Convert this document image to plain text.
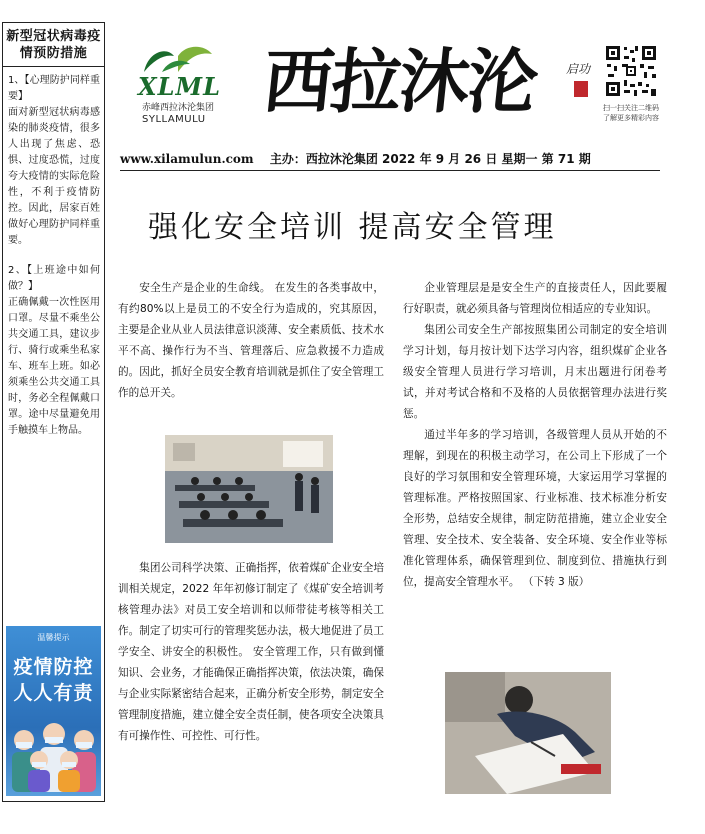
新型冠状病毒疫情预防措施
1、【心理防护同样重要】
面对新型冠状病毒感染的肺炎疫情，很多人出现了焦虑、恐惧、过度恐慌，过度夸大疫情的实际危险性，不利于疫情防控。因此，居家百姓做好心理防护同样重要。
2、【上班途中如何做？】
正确佩戴一次性医用口罩。尽量不乘坐公共交通工具，建议步行、骑行或乘坐私家车、班车上班。如必须乘坐公共交通工具时，务必全程佩戴口罩。途中尽量避免用手触摸车上物品。
温馨提示
疫情防控
人人有责
XLML
赤峰西拉沐沦集团
SYLLAMULU 西拉沐沦	启功
扫一扫关注二维码
了解更多精彩内容
www.xilamulun.com 主办：西拉沐沦集团 2022 年 9 月 26 日 星期一 第 71 期
强化安全培训 提高安全管理

安全生产是企业的生命线。 在发生的各类事故中，有约80%以上是员工的不安全行为造成的，究其原因，主要是企业从业人员法律意识淡薄、安全素质低、技术水平不高、操作行为不当、管理落后、应急救援不力造成的。因此，抓好全员安全教育培训就是抓住了安全管理工作的总开关。

集团公司科学决策、正确指挥，依着煤矿企业安全培训相关规定，2022 年年初修订制定了《煤矿安全培训考核管理办法》对员工安全培训和以师带徒考核等相关工作。制定了切实可行的管理奖惩办法，极大地促进了员工学安全、讲安全的积极性。 安全管理工作，只有做到懂知识、会业务，才能确保正确指挥决策，依法决策，确保与企业实际紧密结合起来，正确分析安全形势，制定安全管理制度措施，建立健全安全责任制，使各项安全决策具有可操作性、可控性、可行性。

企业管理层是是安全生产的直接责任人，因此要履行好职责，就必须具备与管理岗位相适应的专业知识。

集团公司安全生产部按照集团公司制定的安全培训学习计划，每月按计划下达学习内容，组织煤矿企业各级安全管理人员进行学习培训，月末出题进行闭卷考试，并对考试合格和不及格的人员依据管理办法进行奖惩。

通过半年多的学习培训，各级管理人员从开始的不理解，到现在的积极主动学习，在公司上下形成了一个良好的学习氛围和安全管理环境，大家运用学习掌握的管理标准。严格按照国家、行业标准、技术标准分析安全形势，总结安全规律，制定防范措施，建立企业安全管理、安全技术、安全装备、安全环境、安全作业等标准化管理体系，确保管理到位、制度到位、措施执行到位，提高安全管理水平。 （下转 3 版）
